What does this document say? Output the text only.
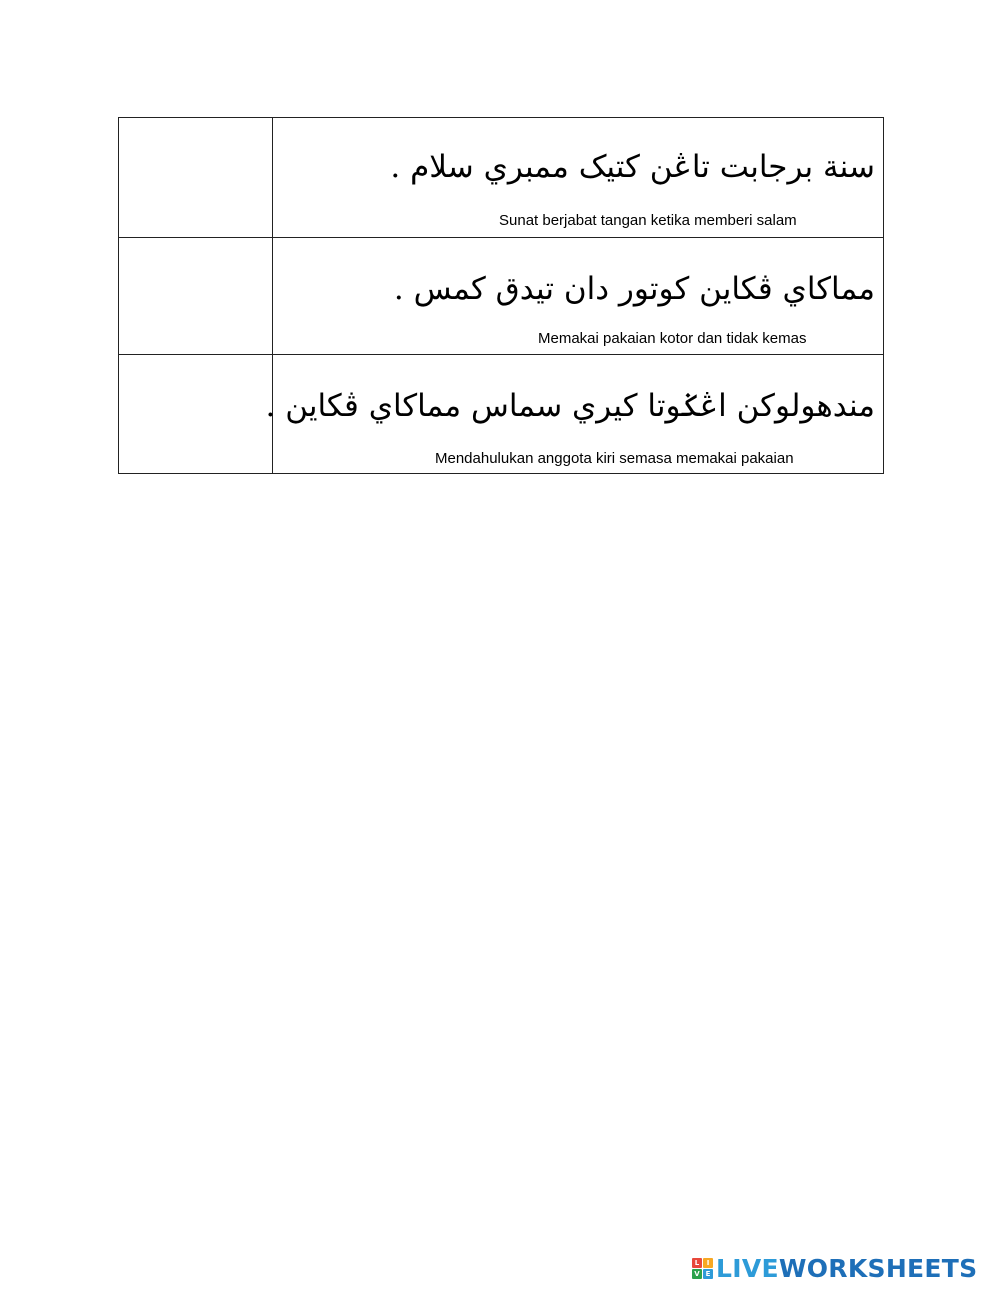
	سنة برجابت تاڠن كتيک ممبري سلام .
Sunat berjabat tangan ketika memberi salam

	مماكاي ڤكاين کوتور دان تيدق كمس .
Memakai pakaian kotor dan tidak kemas

	مندهولوكن اڠݢوتا كيري سماس مماكاي ڤكاين .
Mendahulukan anggota kiri semasa memakai pakaian
L	I
V E LIVEWORKSHEETS
